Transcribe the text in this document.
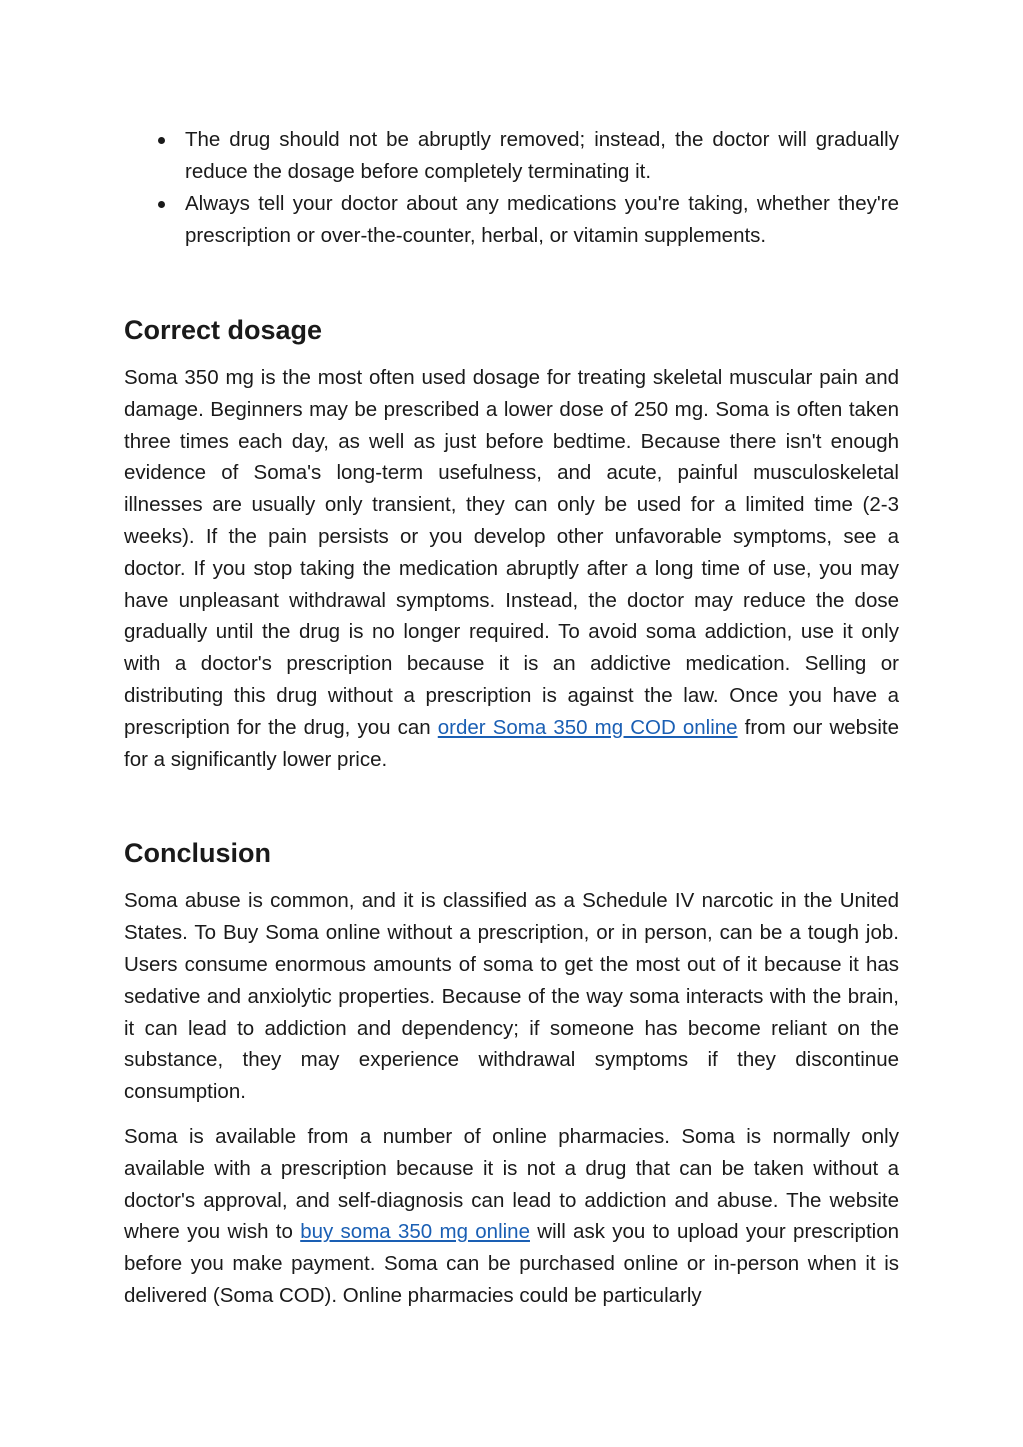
The drug should not be abruptly removed; instead, the doctor will gradually reduce the dosage before completely terminating it.
Always tell your doctor about any medications you're taking, whether they're prescription or over-the-counter, herbal, or vitamin supplements.
Correct dosage

Soma 350 mg is the most often used dosage for treating skeletal muscular pain and damage. Beginners may be prescribed a lower dose of 250 mg. Soma is often taken three times each day, as well as just before bedtime. Because there isn't enough evidence of Soma's long-term usefulness, and acute, painful musculoskeletal illnesses are usually only transient, they can only be used for a limited time (2-3 weeks). If the pain persists or you develop other unfavorable symptoms, see a doctor. If you stop taking the medication abruptly after a long time of use, you may have unpleasant withdrawal symptoms. Instead, the doctor may reduce the dose gradually until the drug is no longer required. To avoid soma addiction, use it only with a doctor's prescription because it is an addictive medication. Selling or distributing this drug without a prescription is against the law. Once you have a prescription for the drug, you can order Soma 350 mg COD online from our website for a significantly lower price.

Conclusion

Soma abuse is common, and it is classified as a Schedule IV narcotic in the United States. To Buy Soma online without a prescription, or in person, can be a tough job. Users consume enormous amounts of soma to get the most out of it because it has sedative and anxiolytic properties. Because of the way soma interacts with the brain, it can lead to addiction and dependency; if someone has become reliant on the substance, they may experience withdrawal symptoms if they discontinue consumption.

Soma is available from a number of online pharmacies. Soma is normally only available with a prescription because it is not a drug that can be taken without a doctor's approval, and self-diagnosis can lead to addiction and abuse. The website where you wish to buy soma 350 mg online will ask you to upload your prescription before you make payment. Soma can be purchased online or in-person when it is delivered (Soma COD). Online pharmacies could be particularly
